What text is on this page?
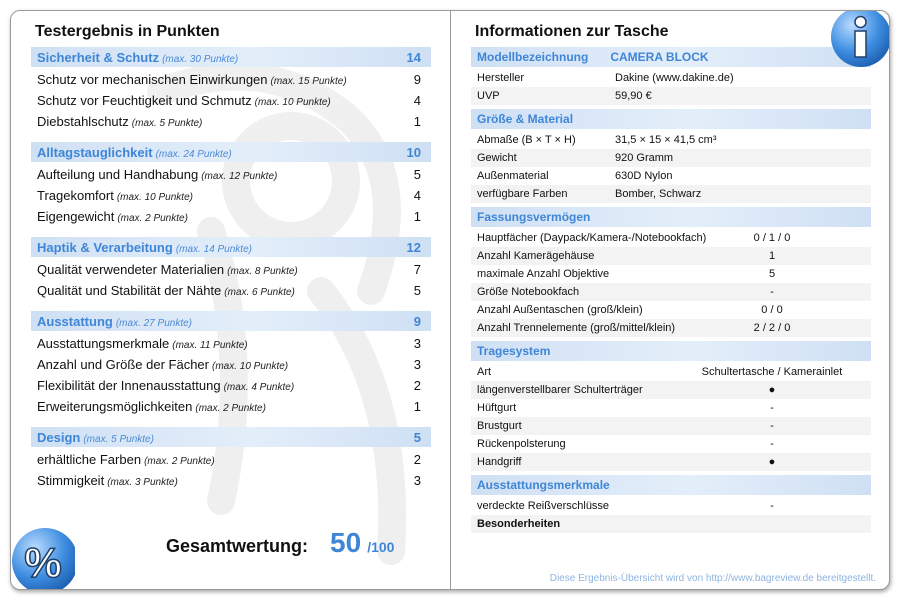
Testergebnis in Punkten
Sicherheit & Schutz (max. 30 Punkte)	14
Schutz vor mechanischen Einwirkungen (max. 15 Punkte)	9
Schutz vor Feuchtigkeit und Schmutz (max. 10 Punkte)	4
Diebstahlschutz (max. 5 Punkte)	1
Alltagstauglichkeit (max. 24 Punkte)	10
Aufteilung und Handhabung (max. 12 Punkte)	5
Tragekomfort (max. 10 Punkte)	4
Eigengewicht (max. 2 Punkte)	1
Haptik & Verarbeitung (max. 14 Punkte)	12
Qualität verwendeter Materialien (max. 8 Punkte)	7
Qualität und Stabilität der Nähte (max. 6 Punkte)	5
Ausstattung (max. 27 Punkte)	9
Ausstattungsmerkmale (max. 11 Punkte)	3
Anzahl und Größe der Fächer (max. 10 Punkte)	3
Flexibilität der Innenausstattung (max. 4 Punkte)	2
Erweiterungsmöglichkeiten (max. 2 Punkte)	1
Design (max. 5 Punkte)	5
erhältliche Farben (max. 2 Punkte)	2
Stimmigkeit (max. 3 Punkte)	3
Gesamtwertung: 50 /100
%
Informationen zur Tasche
Modellbezeichnung CAMERA BLOCK
Hersteller	Dakine (www.dakine.de)
UVP	59,90 €
Größe & Material
Abmaße (B × T × H)	31,5 × 15 × 41,5 cm³
Gewicht	920 Gramm
Außenmaterial	630D Nylon
verfügbare Farben	Bomber, Schwarz
Fassungsvermögen
Hauptfächer (Daypack/Kamera-/Notebookfach)	0 / 1 / 0
Anzahl Kamerägehäuse	1
maximale Anzahl Objektive	5
Größe Notebookfach	-
Anzahl Außentaschen (groß/klein)	0 / 0
Anzahl Trennelemente (groß/mittel/klein)	2 / 2 / 0
Tragesystem
Art	Schultertasche / Kamerainlet
längenverstellbarer Schulterträger	●
Hüftgurt	-
Brustgurt	-
Rückenpolsterung	-
Handgriff	●
Ausstattungsmerkmale
verdeckte Reißverschlüsse	-
Besonderheiten
Diese Ergebnis-Übersicht wird von http://www.bagreview.de bereitgestellt.
